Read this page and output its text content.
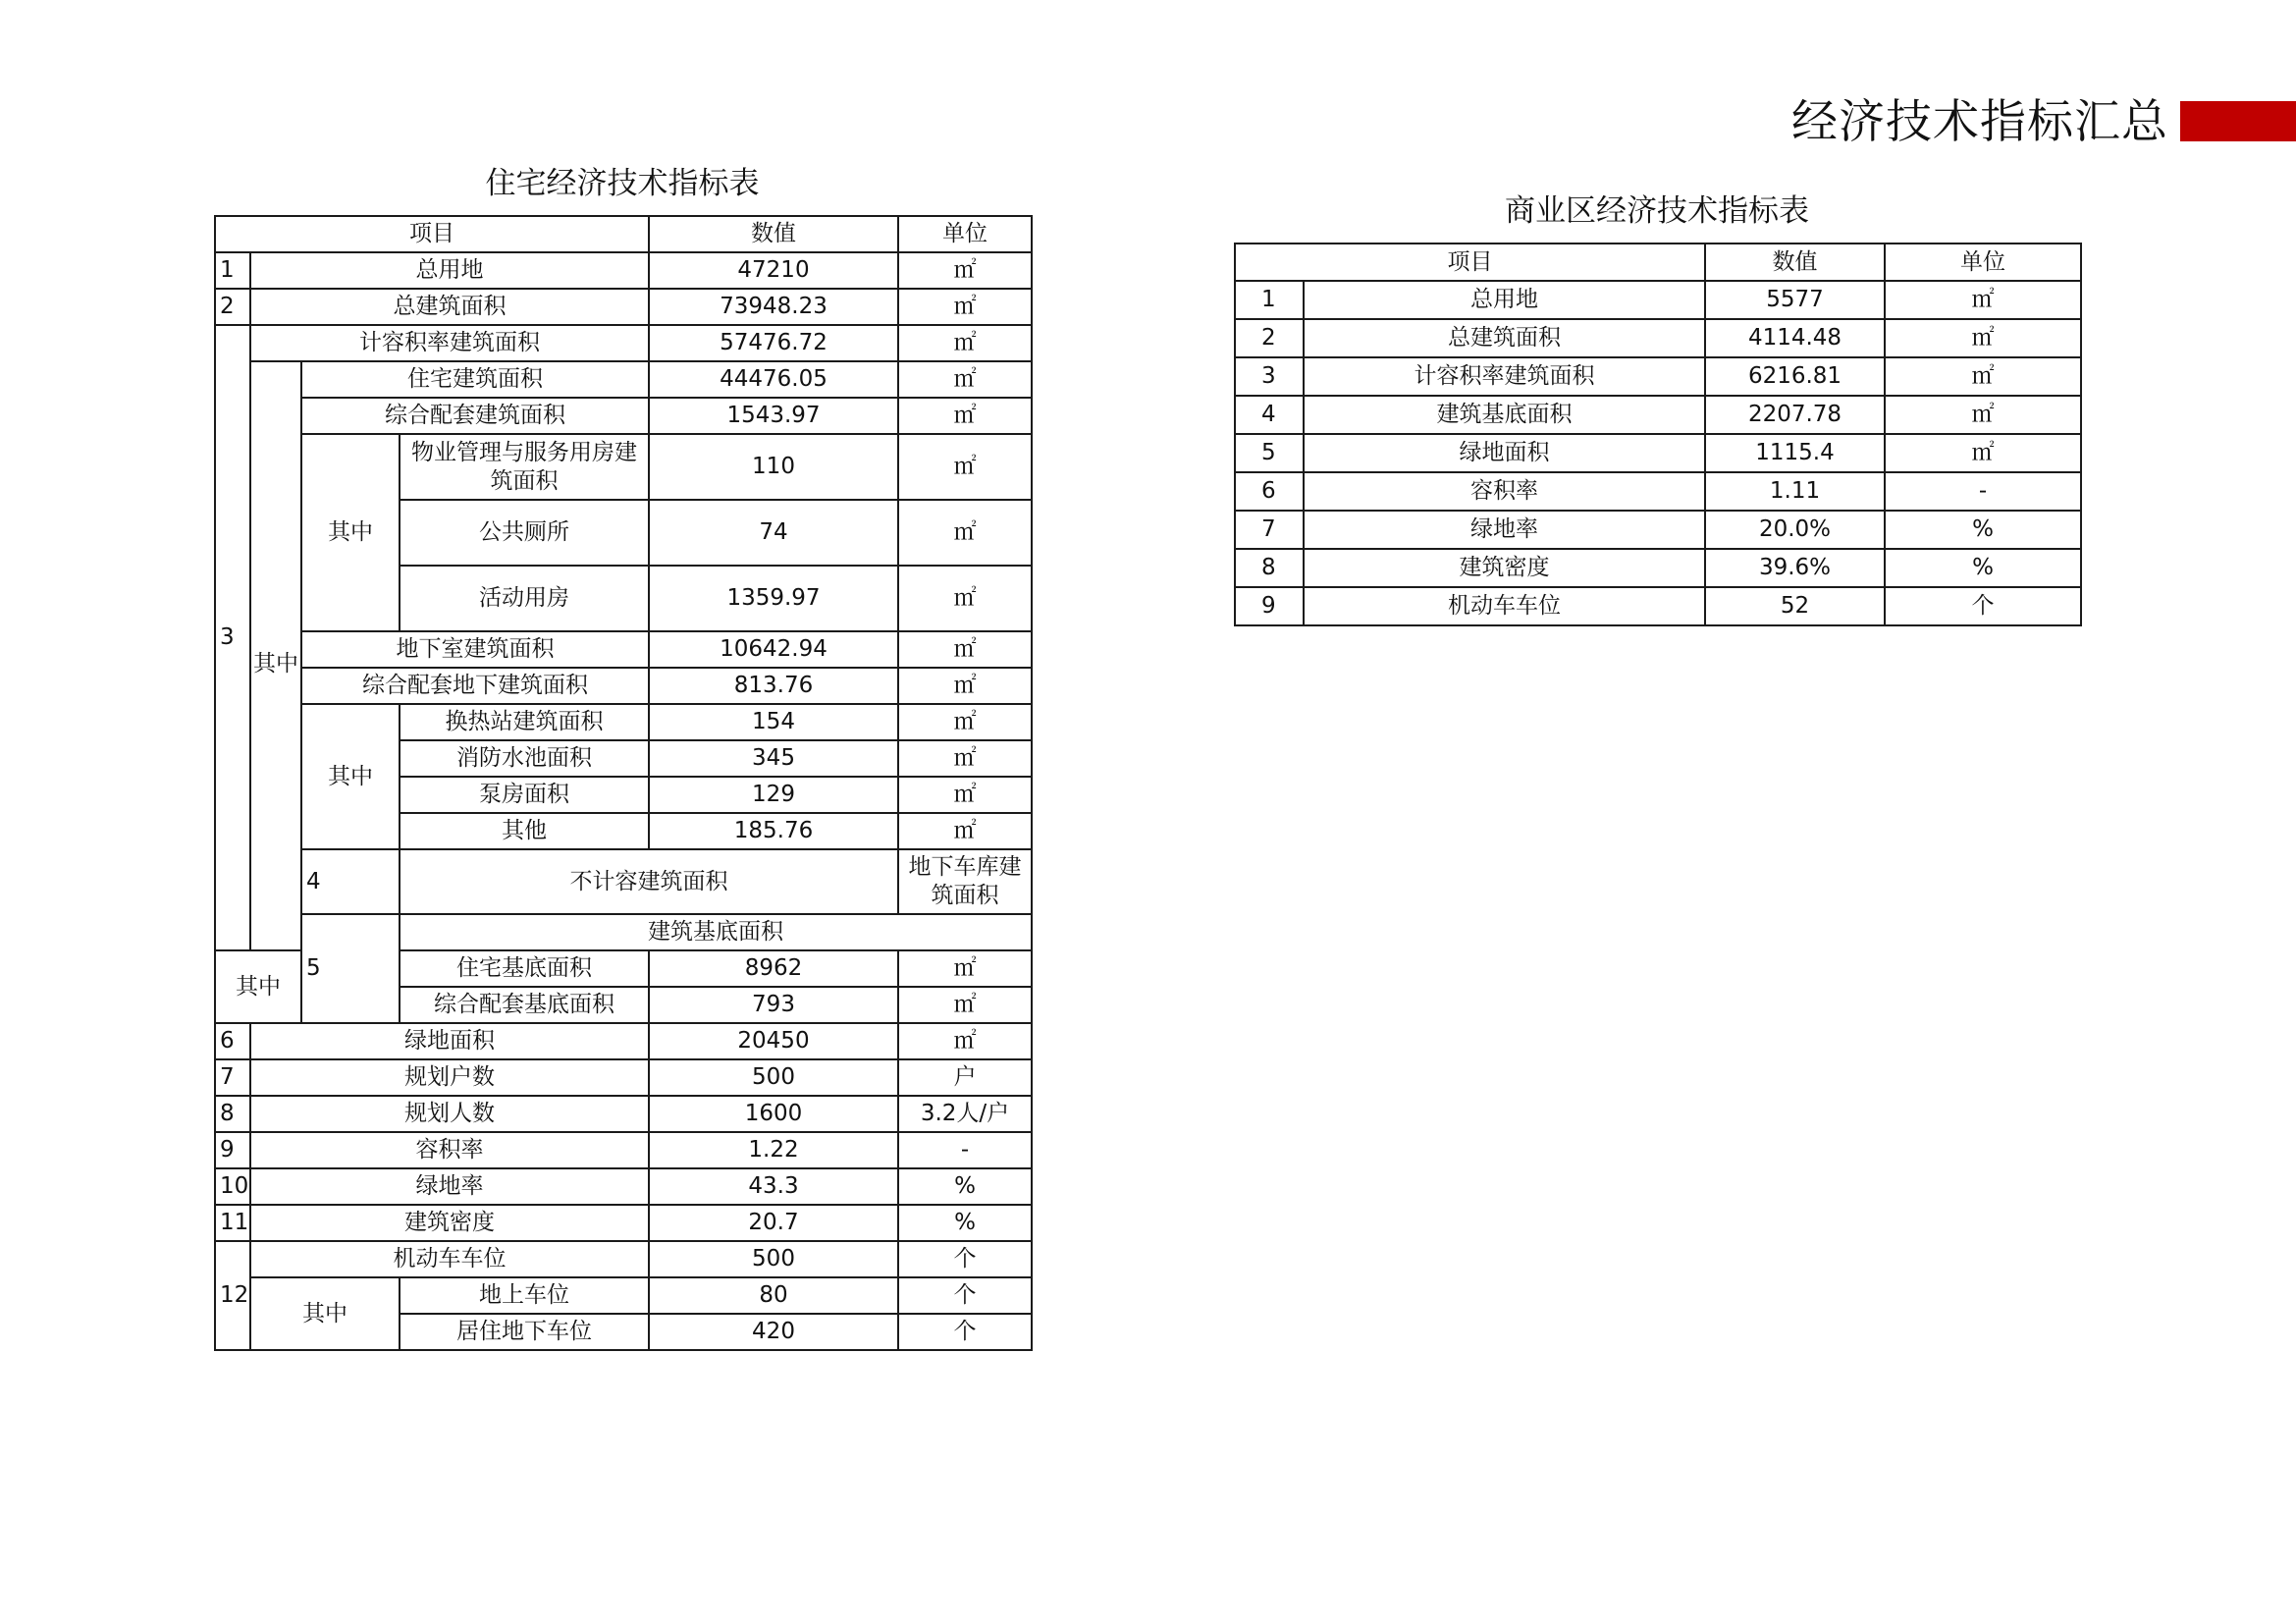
经济技术指标汇总
住宅经济技术指标表
项目				数值	单位	
1	总用地			47210	㎡	
2	总建筑面积			73948.23	㎡	
3	计容积率建筑面积			57476.72	㎡	
	其中	住宅建筑面积		44476.05	㎡	
		综合配套建筑面积		1543.97	㎡	
		其中	物业管理与服务用房建筑面积	110	㎡	
			公共厕所	74	㎡	
			活动用房	1359.97	㎡	
		地下室建筑面积		10642.94	㎡	
		综合配套地下建筑面积		813.76	㎡	
		其中	换热站建筑面积	154	㎡	
			消防水池面积	345	㎡	
			泵房面积	129	㎡	
			其他	185.76	㎡	
		4	不计容建筑面积		地下车库建筑面积		
		5	建筑基底面积		
其中			住宅基底面积	8962	㎡	
			综合配套基底面积	793	㎡	
6	绿地面积			20450	㎡	
7	规划户数			500	户	
8	规划人数			1600	3.2人/户	
9	容积率			1.22	-	
10	绿地率			43.3	%	
11	建筑密度			20.7	%	
12	机动车车位			500	个	
	其中		地上车位	80	个	
			居住地下车位	420	个	
商业区经济技术指标表
项目		数值	单位
1	总用地	5577	㎡
2	总建筑面积	4114.48	㎡
3	计容积率建筑面积	6216.81	㎡
4	建筑基底面积	2207.78	㎡
5	绿地面积	1115.4	㎡
6	容积率	1.11	-
7	绿地率	20.0%	%
8	建筑密度	39.6%	%
9	机动车车位	52	个
